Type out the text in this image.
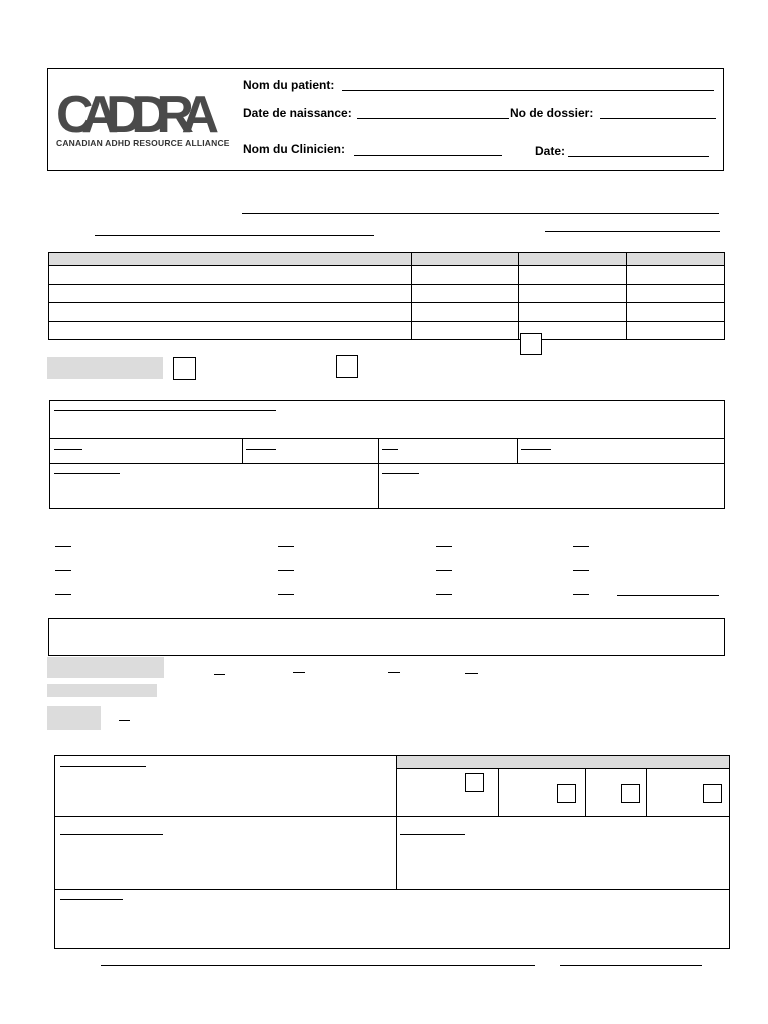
CADDRA
CANADIAN ADHD RESOURCE ALLIANCE
Nom du patient:
Date de naissance:	No de dossier:
Nom du Clinicien:	Date:
